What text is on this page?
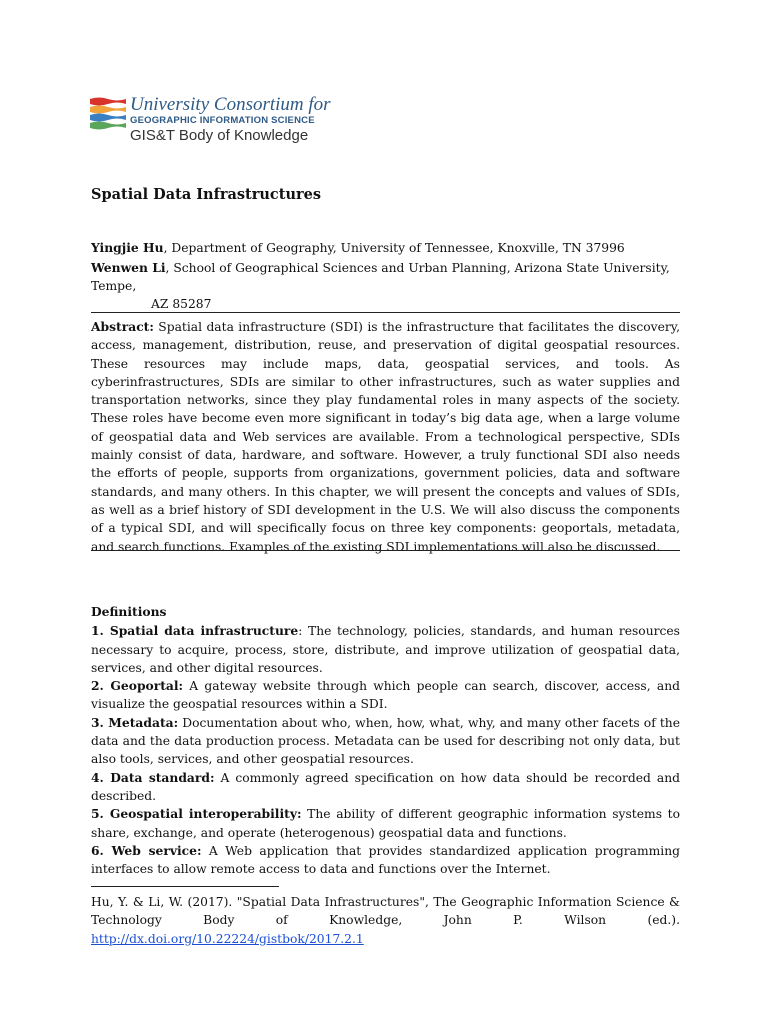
University Consortium for
GEOGRAPHIC INFORMATION SCIENCE
GIS&T Body of Knowledge
Spatial Data Infrastructures
Yingjie Hu, Department of Geography, University of Tennessee, Knoxville, TN 37996
Wenwen Li, School of Geographical Sciences and Urban Planning, Arizona State University, Tempe,
AZ 85287
Abstract: Spatial data infrastructure (SDI) is the infrastructure that facilitates the discovery, access, management, distribution, reuse, and preservation of digital geospatial resources. These resources may include maps, data, geospatial services, and tools. As cyberinfrastructures, SDIs are similar to other infrastructures, such as water supplies and transportation networks, since they play fundamental roles in many aspects of the society. These roles have become even more significant in today’s big data age, when a large volume of geospatial data and Web services are available. From a technological perspective, SDIs mainly consist of data, hardware, and software. However, a truly functional SDI also needs the efforts of people, supports from organizations, government policies, data and software standards, and many others. In this chapter, we will present the concepts and values of SDIs, as well as a brief history of SDI development in the U.S. We will also discuss the components of a typical SDI, and will specifically focus on three key components: geoportals, metadata, and search functions. Examples of the existing SDI implementations will also be discussed.
Definitions

1. Spatial data infrastructure: The technology, policies, standards, and human resources necessary to acquire, process, store, distribute, and improve utilization of geospatial data, services, and other digital resources.

2. Geoportal: A gateway website through which people can search, discover, access, and visualize the geospatial resources within a SDI.

3. Metadata: Documentation about who, when, how, what, why, and many other facets of the data and the data production process. Metadata can be used for describing not only data, but also tools, services, and other geospatial resources.

4. Data standard: A commonly agreed specification on how data should be recorded and described.

5. Geospatial interoperability: The ability of different geographic information systems to share, exchange, and operate (heterogenous) geospatial data and functions.

6. Web service: A Web application that provides standardized application programming interfaces to allow remote access to data and functions over the Internet.

Hu, Y. & Li, W. (2017). "Spatial Data Infrastructures", The Geographic Information Science & Technology Body of Knowledge, John P. Wilson (ed.). http://dx.doi.org/10.22224/gistbok/2017.2.1
